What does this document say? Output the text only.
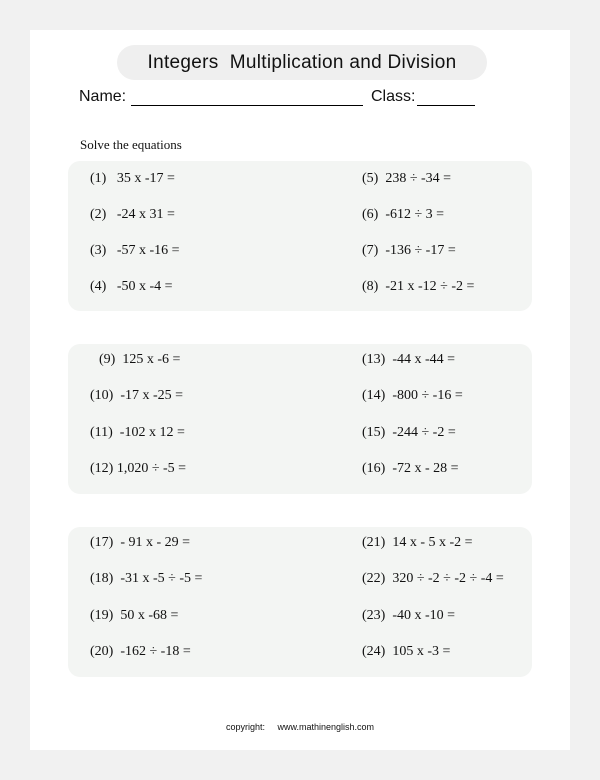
Integers  Multiplication and Division
Name:	Class:
Solve the equations
(1)   35 x -17 =
(2)   -24 x 31 =
(3)   -57 x -16 =
(4)   -50 x -4 =
(5)  238 ÷ -34 =
(6)  -612 ÷ 3 =
(7)  -136 ÷ -17 =
(8)  -21 x -12 ÷ -2 =
(9)  125 x -6 =
(10)  -17 x -25 =
(11)  -102 x 12 =
(12) 1,020 ÷ -5 =
(13)  -44 x -44 =
(14)  -800 ÷ -16 =
(15)  -244 ÷ -2 =
(16)  -72 x - 28 =
(17)  - 91 x - 29 =
(18)  -31 x -5 ÷ -5 =
(19)  50 x -68 =
(20)  -162 ÷ -18 =
(21)  14 x - 5 x -2 =
(22)  320 ÷ -2 ÷ -2 ÷ -4 =
(23)  -40 x -10 =
(24)  105 x -3 =
copyright:     www.mathinenglish.com
